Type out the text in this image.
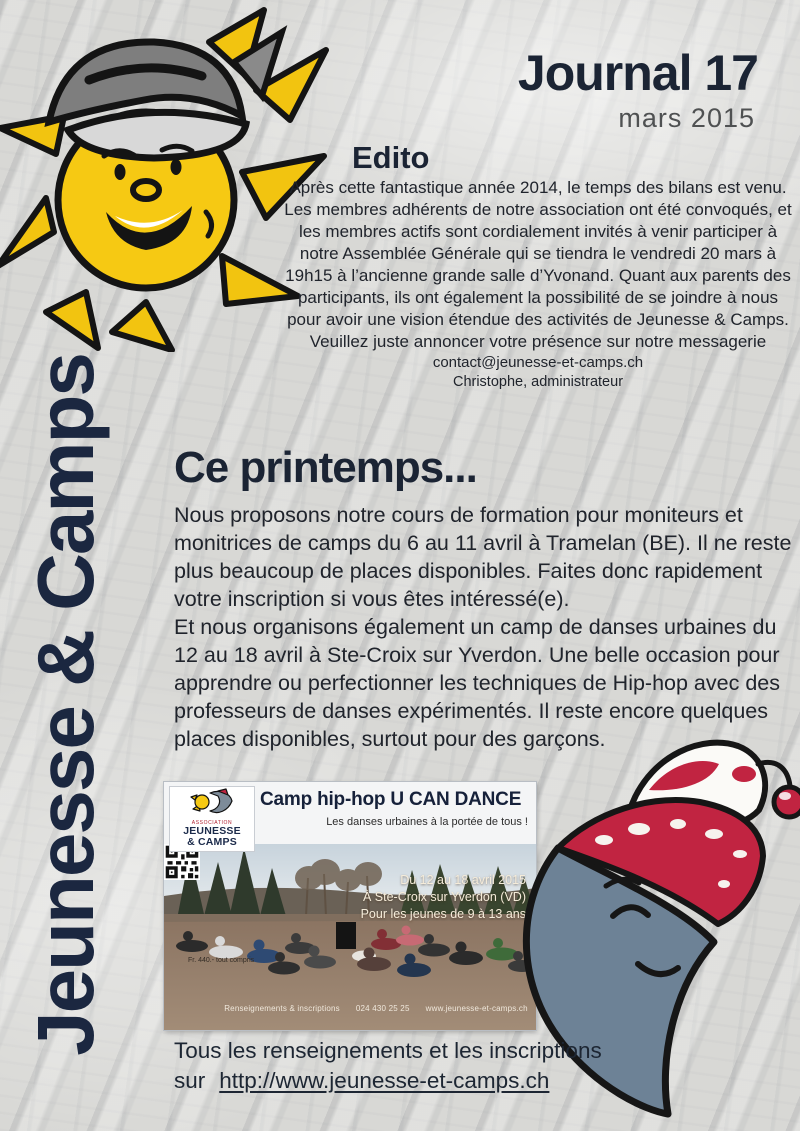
Jeunesse & Camps
Journal 17
mars 2015
Edito

Après cette fantastique année 2014, le temps des bilans est venu. Les membres adhérents de notre association ont été convoqués, et les membres actifs sont cordialement invités à venir participer à notre Assemblée Générale qui se tiendra le vendredi 20 mars à 19h15 à l’ancienne grande salle d’Yvonand. Quant aux parents des participants, ils ont également la possibilité de se joindre à nous pour avoir une vision étendue des activités de Jeunesse & Camps. Veuillez juste annoncer votre présence sur notre messagerie

contact@jeunesse-et-camps.ch
Christophe, administrateur
Ce printemps...

Nous proposons notre cours de formation pour moniteurs et monitrices de camps du 6 au 11 avril à Tramelan (BE). Il ne reste plus beaucoup de places disponibles. Faites donc rapidement votre inscription si vous êtes intéressé(e).

Et nous organisons également un camp de danses urbaines du 12 au 18 avril à Ste-Croix sur Yverdon. Une belle occasion pour apprendre ou perfectionner les techniques de Hip-hop avec des professeurs de danses expérimentés. Il reste encore quelques places disponibles, surtout pour des garçons.

ASSOCIATION
JEUNESSE
& CAMPS
Camp hip-hop U CAN DANCE
Les danses urbaines à la portée de tous !
Du 12 au 18 avril 2015
À Ste-Croix sur Yverdon (VD)
Pour les jeunes de 9 à 13 ans
Fr. 440.- tout compris
Renseignements & inscriptions 024 430 25 25 www.jeunesse-et-camps.ch
Tous les renseignements et les inscriptions
sur http://www.jeunesse-et-camps.ch
